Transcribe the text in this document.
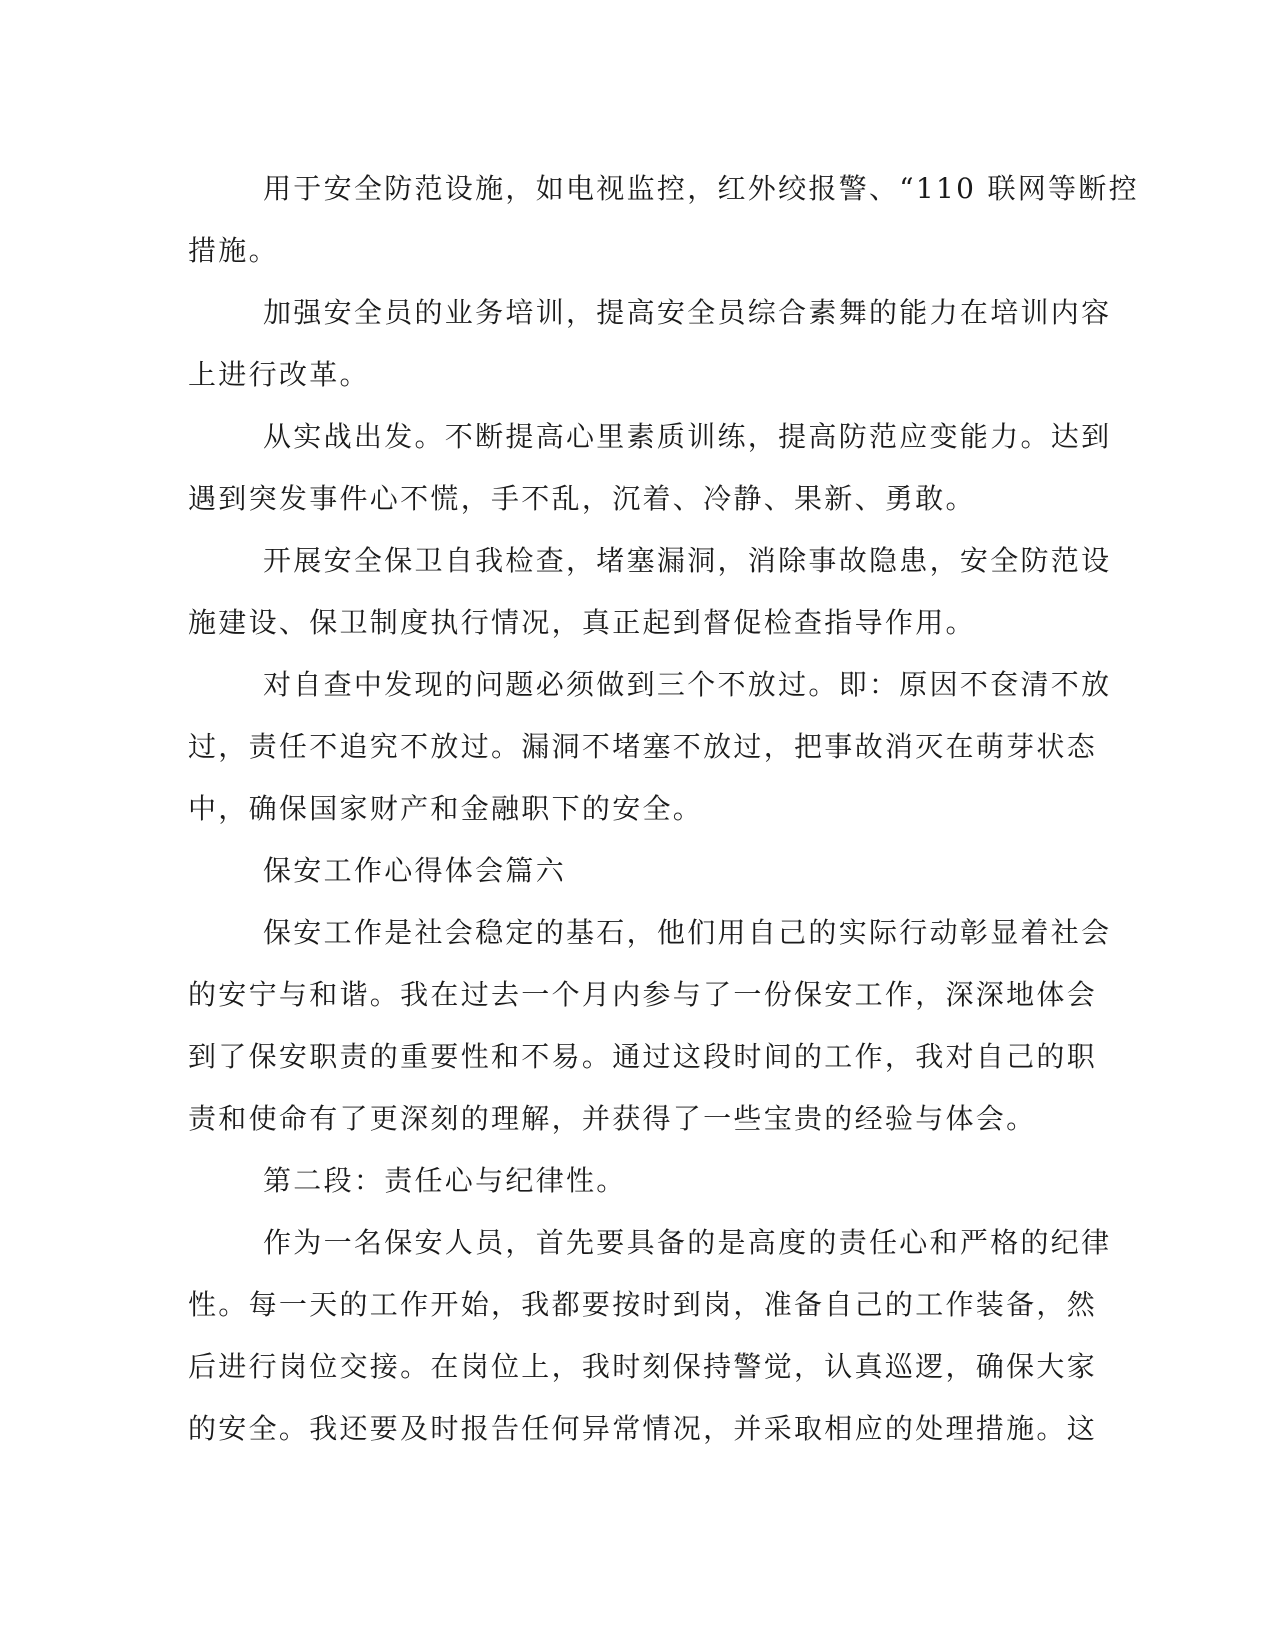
用于安全防范设施，如电视监控，红外绞报警、“110 联网等断控
措施。
加强安全员的业务培训，提高安全员综合素舞的能力在培训内容
上进行改革。
从实战出发。不断提高心里素质训练，提高防范应变能力。达到
遇到突发事件心不慌，手不乱，沉着、冷静、果新、勇敢。
开展安全保卫自我检查，堵塞漏洞，消除事故隐患，安全防范设
施建设、保卫制度执行情况，真正起到督促检查指导作用。
对自查中发现的问题必须做到三个不放过。即：原因不奁清不放
过，责任不追究不放过。漏洞不堵塞不放过，把事故消灭在萌芽状态
中，确保国家财产和金融职下的安全。
保安工作心得体会篇六
保安工作是社会稳定的基石，他们用自己的实际行动彰显着社会
的安宁与和谐。我在过去一个月内参与了一份保安工作，深深地体会
到了保安职责的重要性和不易。通过这段时间的工作，我对自己的职
责和使命有了更深刻的理解，并获得了一些宝贵的经验与体会。
第二段：责任心与纪律性。
作为一名保安人员，首先要具备的是高度的责任心和严格的纪律
性。每一天的工作开始，我都要按时到岗，准备自己的工作装备，然
后进行岗位交接。在岗位上，我时刻保持警觉，认真巡逻，确保大家
的安全。我还要及时报告任何异常情况，并采取相应的处理措施。这
